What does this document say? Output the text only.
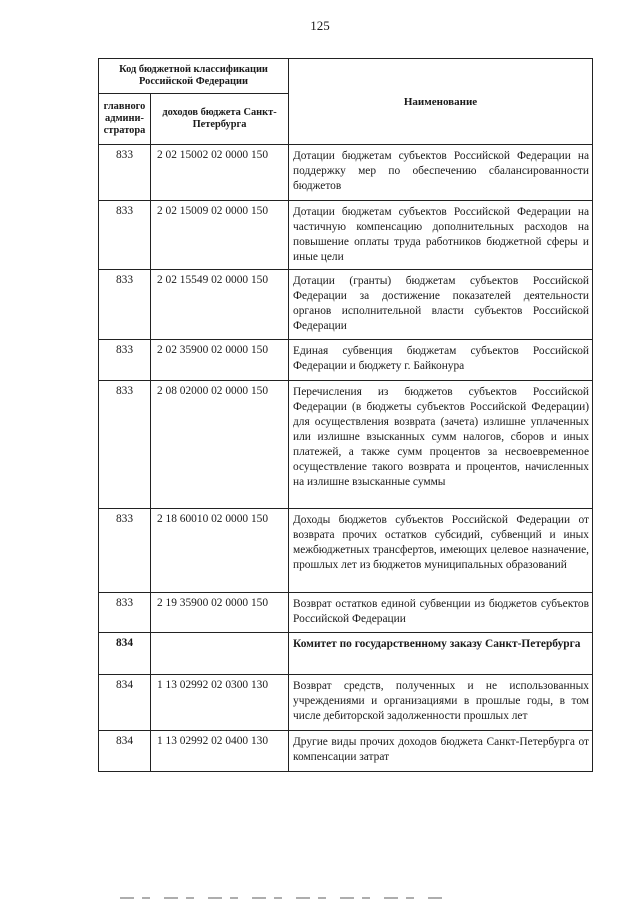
125
Код бюджетной классификации Российской Федерации		Наименование
главного админи-стратора	доходов бюджета Санкт-Петербурга	
833	2 02 15002 02 0000 150	Дотации бюджетам субъектов Российской Федерации на поддержку мер по обеспечению сбалансированности бюджетов
833	2 02 15009 02 0000 150	Дотации бюджетам субъектов Российской Федерации на частичную компенсацию дополнительных расходов на повышение оплаты труда работников бюджетной сферы и иные цели
833	2 02 15549 02 0000 150	Дотации (гранты) бюджетам субъектов Российской Федерации за достижение показателей деятельности органов исполнительной власти субъектов Российской Федерации
833	2 02 35900 02 0000 150	Единая субвенция бюджетам субъектов Российской Федерации и бюджету г. Байконура
833	2 08 02000 02 0000 150	Перечисления из бюджетов субъектов Российской Федерации (в бюджеты субъектов Российской Федерации) для осуществления возврата (зачета) излишне уплаченных или излишне взысканных сумм налогов, сборов и иных платежей, а также сумм процентов за несвоевременное осуществление такого возврата и процентов, начисленных на излишне взысканные суммы
833	2 18 60010 02 0000 150	Доходы бюджетов субъектов Российской Федерации от возврата прочих остатков субсидий, субвенций и иных межбюджетных трансфертов, имеющих целевое назначение, прошлых лет из бюджетов муниципальных образований
833	2 19 35900 02 0000 150	Возврат остатков единой субвенции из бюджетов субъектов Российской Федерации
834		Комитет по государственному заказу Санкт-Петербурга
834	1 13 02992 02 0300 130	Возврат средств, полученных и не использованных учреждениями и организациями в прошлые годы, в том числе дебиторской задолженности прошлых лет
834	1 13 02992 02 0400 130	Другие виды прочих доходов бюджета Санкт-Петербурга от компенсации затрат
